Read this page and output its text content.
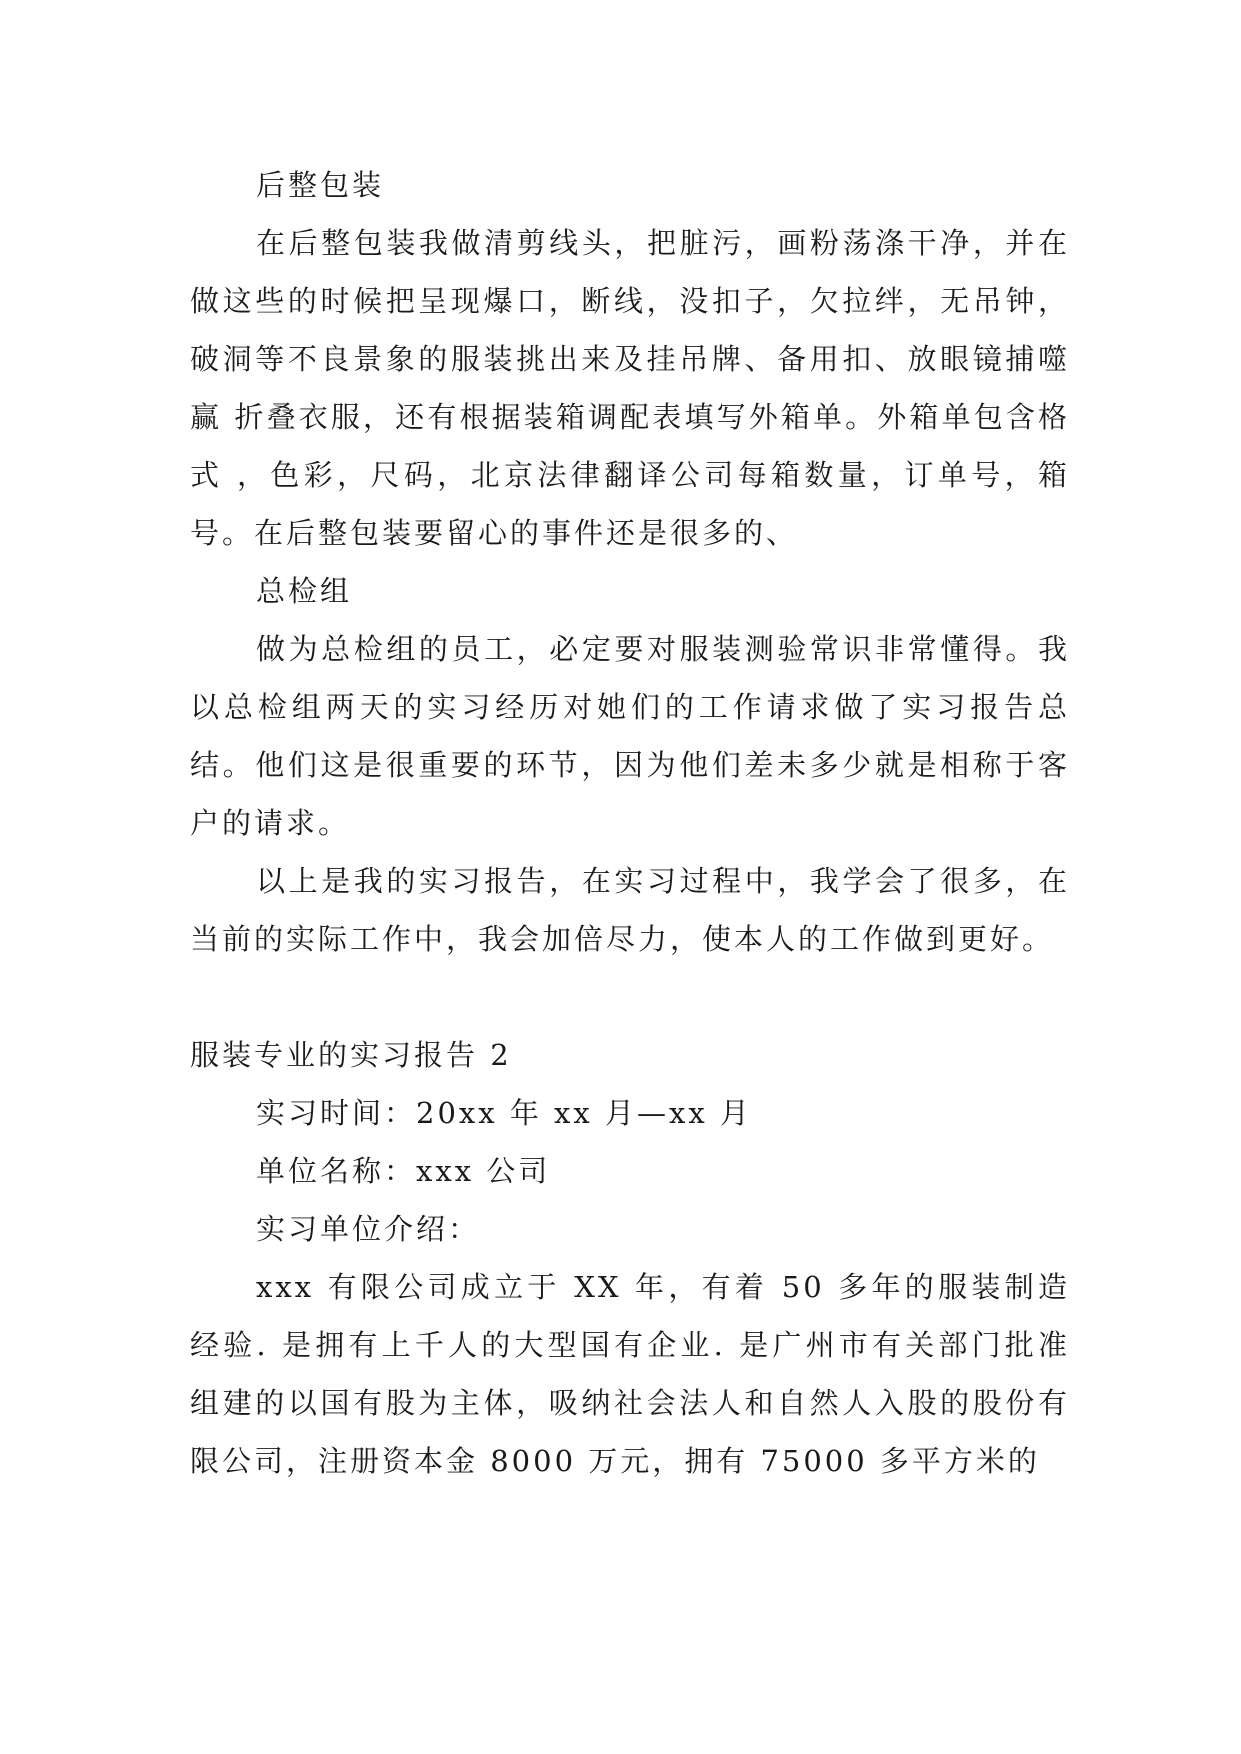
后整包装

在后整包装我做清剪线头，把脏污，画粉荡涤干净，并在做这些的时候把呈现爆口，断线，没扣子，欠拉绊，无吊钟，破洞等不良景象的服装挑出来及挂吊牌、备用扣、放眼镜捕噬赢 折叠衣服，还有根据装箱调配表填写外箱单。外箱单包含格式 ，色彩，尺码，北京法律翻译公司每箱数量，订单号，箱号。在后整包装要留心的事件还是很多的、

总检组

做为总检组的员工，必定要对服装测验常识非常懂得。我以总检组两天的实习经历对她们的工作请求做了实习报告总结。他们这是很重要的环节，因为他们差未多少就是相称于客户的请求。

以上是我的实习报告，在实习过程中，我学会了很多，在当前的实际工作中，我会加倍尽力，使本人的工作做到更好。

服装专业的实习报告 2

实习时间：20xx 年 xx 月—xx 月

单位名称：xxx 公司

实习单位介绍：

xxx 有限公司成立于 XX 年，有着 50 多年的服装制造经验. 是拥有上千人的大型国有企业. 是广州市有关部门批准组建的以国有股为主体，吸纳社会法人和自然人入股的股份有限公司，注册资本金 8000 万元，拥有 75000 多平方米的
